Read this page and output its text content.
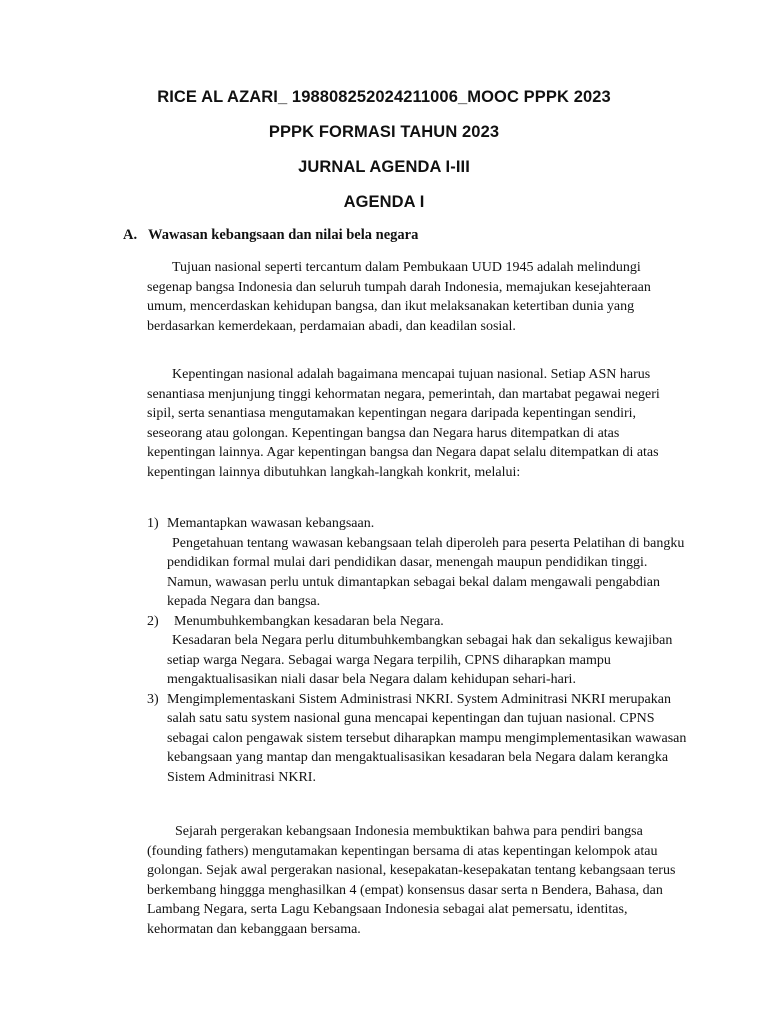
RICE AL AZARI_ 198808252024211006_MOOC PPPK 2023
PPPK FORMASI TAHUN 2023
JURNAL AGENDA I-III
AGENDA I
A. Wawasan kebangsaan dan nilai bela negara

Tujuan nasional seperti tercantum dalam Pembukaan UUD 1945 adalah melindungi segenap bangsa Indonesia dan seluruh tumpah darah Indonesia, memajukan kesejahteraan umum, mencerdaskan kehidupan bangsa, dan ikut melaksanakan ketertiban dunia yang berdasarkan kemerdekaan, perdamaian abadi, dan keadilan sosial.

Kepentingan nasional adalah bagaimana mencapai tujuan nasional. Setiap ASN harus senantiasa menjunjung tinggi kehormatan negara, pemerintah, dan martabat pegawai negeri sipil, serta senantiasa mengutamakan kepentingan negara daripada kepentingan sendiri, seseorang atau golongan. Kepentingan bangsa dan Negara harus ditempatkan di atas kepentingan lainnya. Agar kepentingan bangsa dan Negara dapat selalu ditempatkan di atas kepentingan lainnya dibutuhkan langkah-langkah konkrit, melalui:

1) Memantapkan wawasan kebangsaan.
Pengetahuan tentang wawasan kebangsaan telah diperoleh para peserta Pelatihan di bangku pendidikan formal mulai dari pendidikan dasar, menengah maupun pendidikan tinggi. Namun, wawasan perlu untuk dimantapkan sebagai bekal dalam mengawali pengabdian kepada Negara dan bangsa.
2) Menumbuhkembangkan kesadaran bela Negara.
Kesadaran bela Negara perlu ditumbuhkembangkan sebagai hak dan sekaligus kewajiban setiap warga Negara. Sebagai warga Negara terpilih, CPNS diharapkan mampu mengaktualisasikan niali dasar bela Negara dalam kehidupan sehari-hari.
3) Mengimplementaskani Sistem Administrasi NKRI. System Adminitrasi NKRI merupakan salah satu satu system nasional guna mencapai kepentingan dan tujuan nasional. CPNS sebagai calon pengawak sistem tersebut diharapkan mampu mengimplementasikan wawasan kebangsaan yang mantap dan mengaktualisasikan kesadaran bela Negara dalam kerangka Sistem Adminitrasi NKRI.

Sejarah pergerakan kebangsaan Indonesia membuktikan bahwa para pendiri bangsa (founding fathers) mengutamakan kepentingan bersama di atas kepentingan kelompok atau golongan. Sejak awal pergerakan nasional, kesepakatan-kesepakatan tentang kebangsaan terus berkembang hinggga menghasilkan 4 (empat) konsensus dasar serta n Bendera, Bahasa, dan Lambang Negara, serta Lagu Kebangsaan Indonesia sebagai alat pemersatu, identitas, kehormatan dan kebanggaan bersama.
